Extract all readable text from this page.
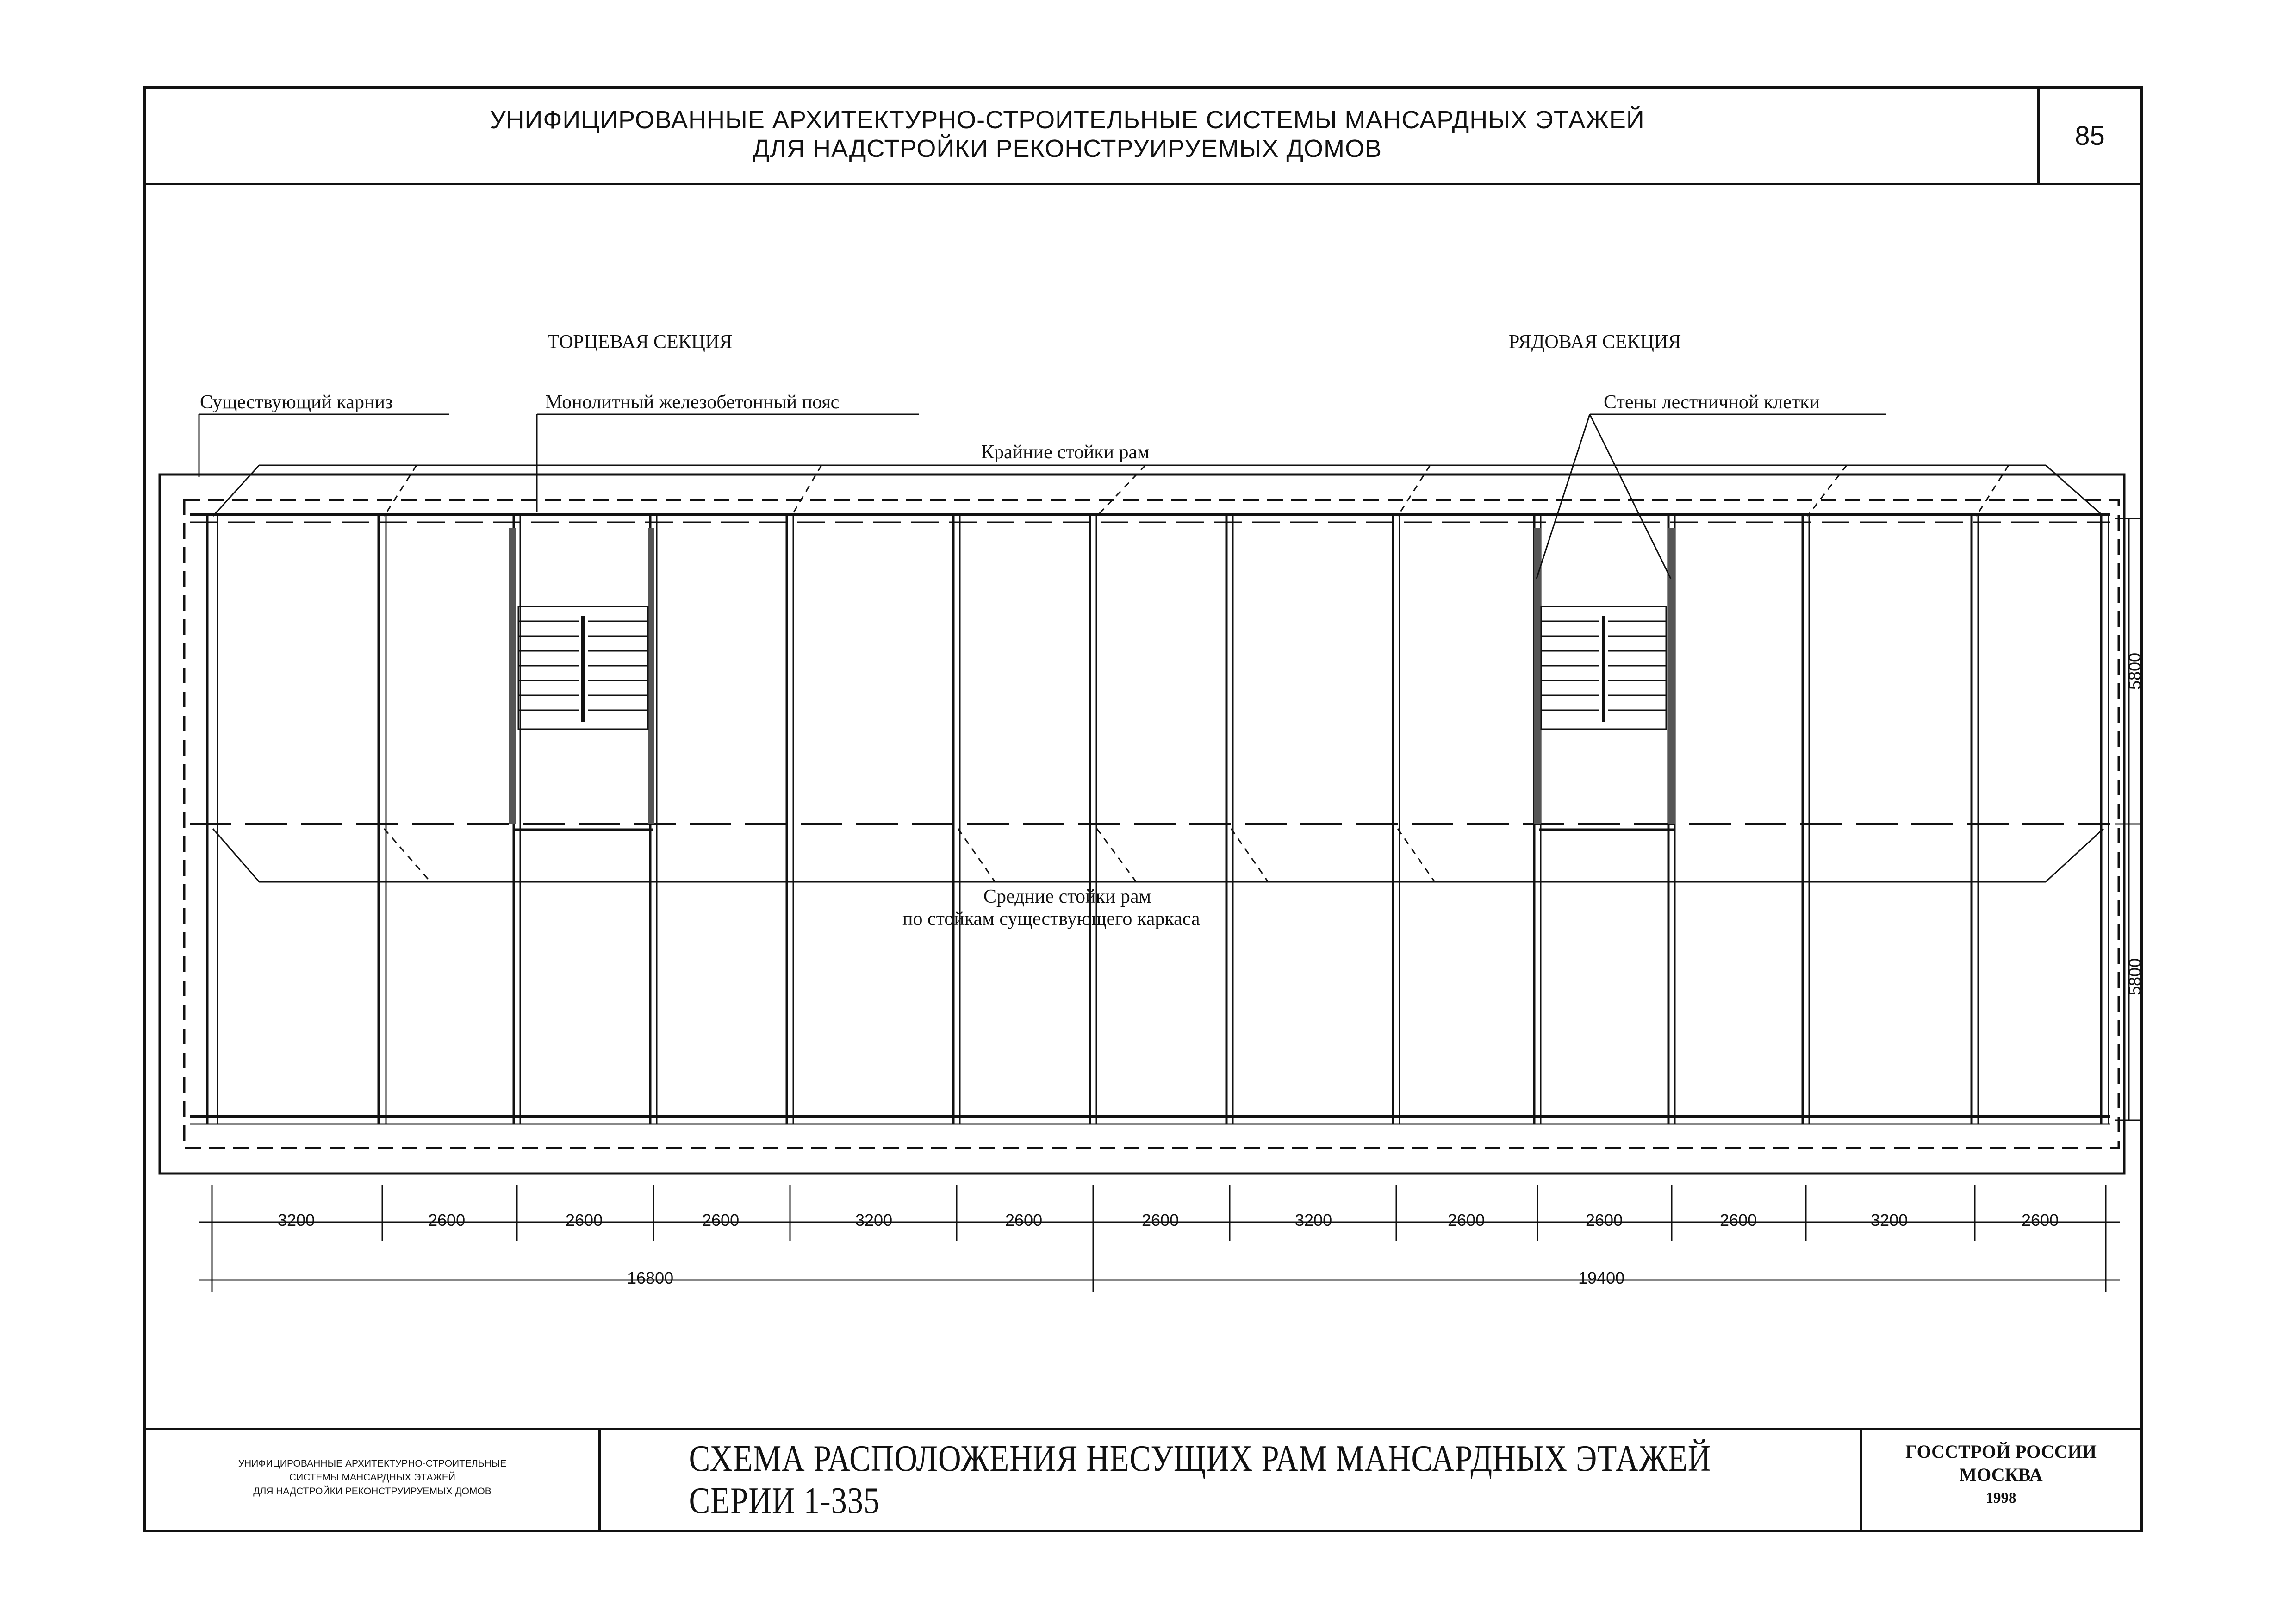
УНИФИЦИРОВАННЫЕ АРХИТЕКТУРНО-СТРОИТЕЛЬНЫЕ СИСТЕМЫ МАНСАРДНЫХ ЭТАЖЕЙ
ДЛЯ НАДСТРОЙКИ РЕКОНСТРУИРУЕМЫХ ДОМОВ	85
УНИФИЦИРОВАННЫЕ АРХИТЕКТУРНО-СТРОИТЕЛЬНЫЕ
СИСТЕМЫ МАНСАРДНЫХ ЭТАЖЕЙ
ДЛЯ НАДСТРОЙКИ РЕКОНСТРУИРУЕМЫХ ДОМОВ
СХЕМА РАСПОЛОЖЕНИЯ НЕСУЩИХ РАМ МАНСАРДНЫХ ЭТАЖЕЙ СЕРИИ 1-335
ГОССТРОЙ РОССИИ
МОСКВА
1998
ТОРЦЕВАЯ СЕКЦИЯ	РЯДОВАЯ СЕКЦИЯ
Существующий карниз	Монолитный железобетонный пояс	Стены лестничной клетки
Крайние стойки рам
Средние стойки рам
по стойкам существующего каркаса
5800
5800
3200	2600	2600	2600	3200	2600	2600	3200	2600	2600	2600	3200	2600
16800	19400
